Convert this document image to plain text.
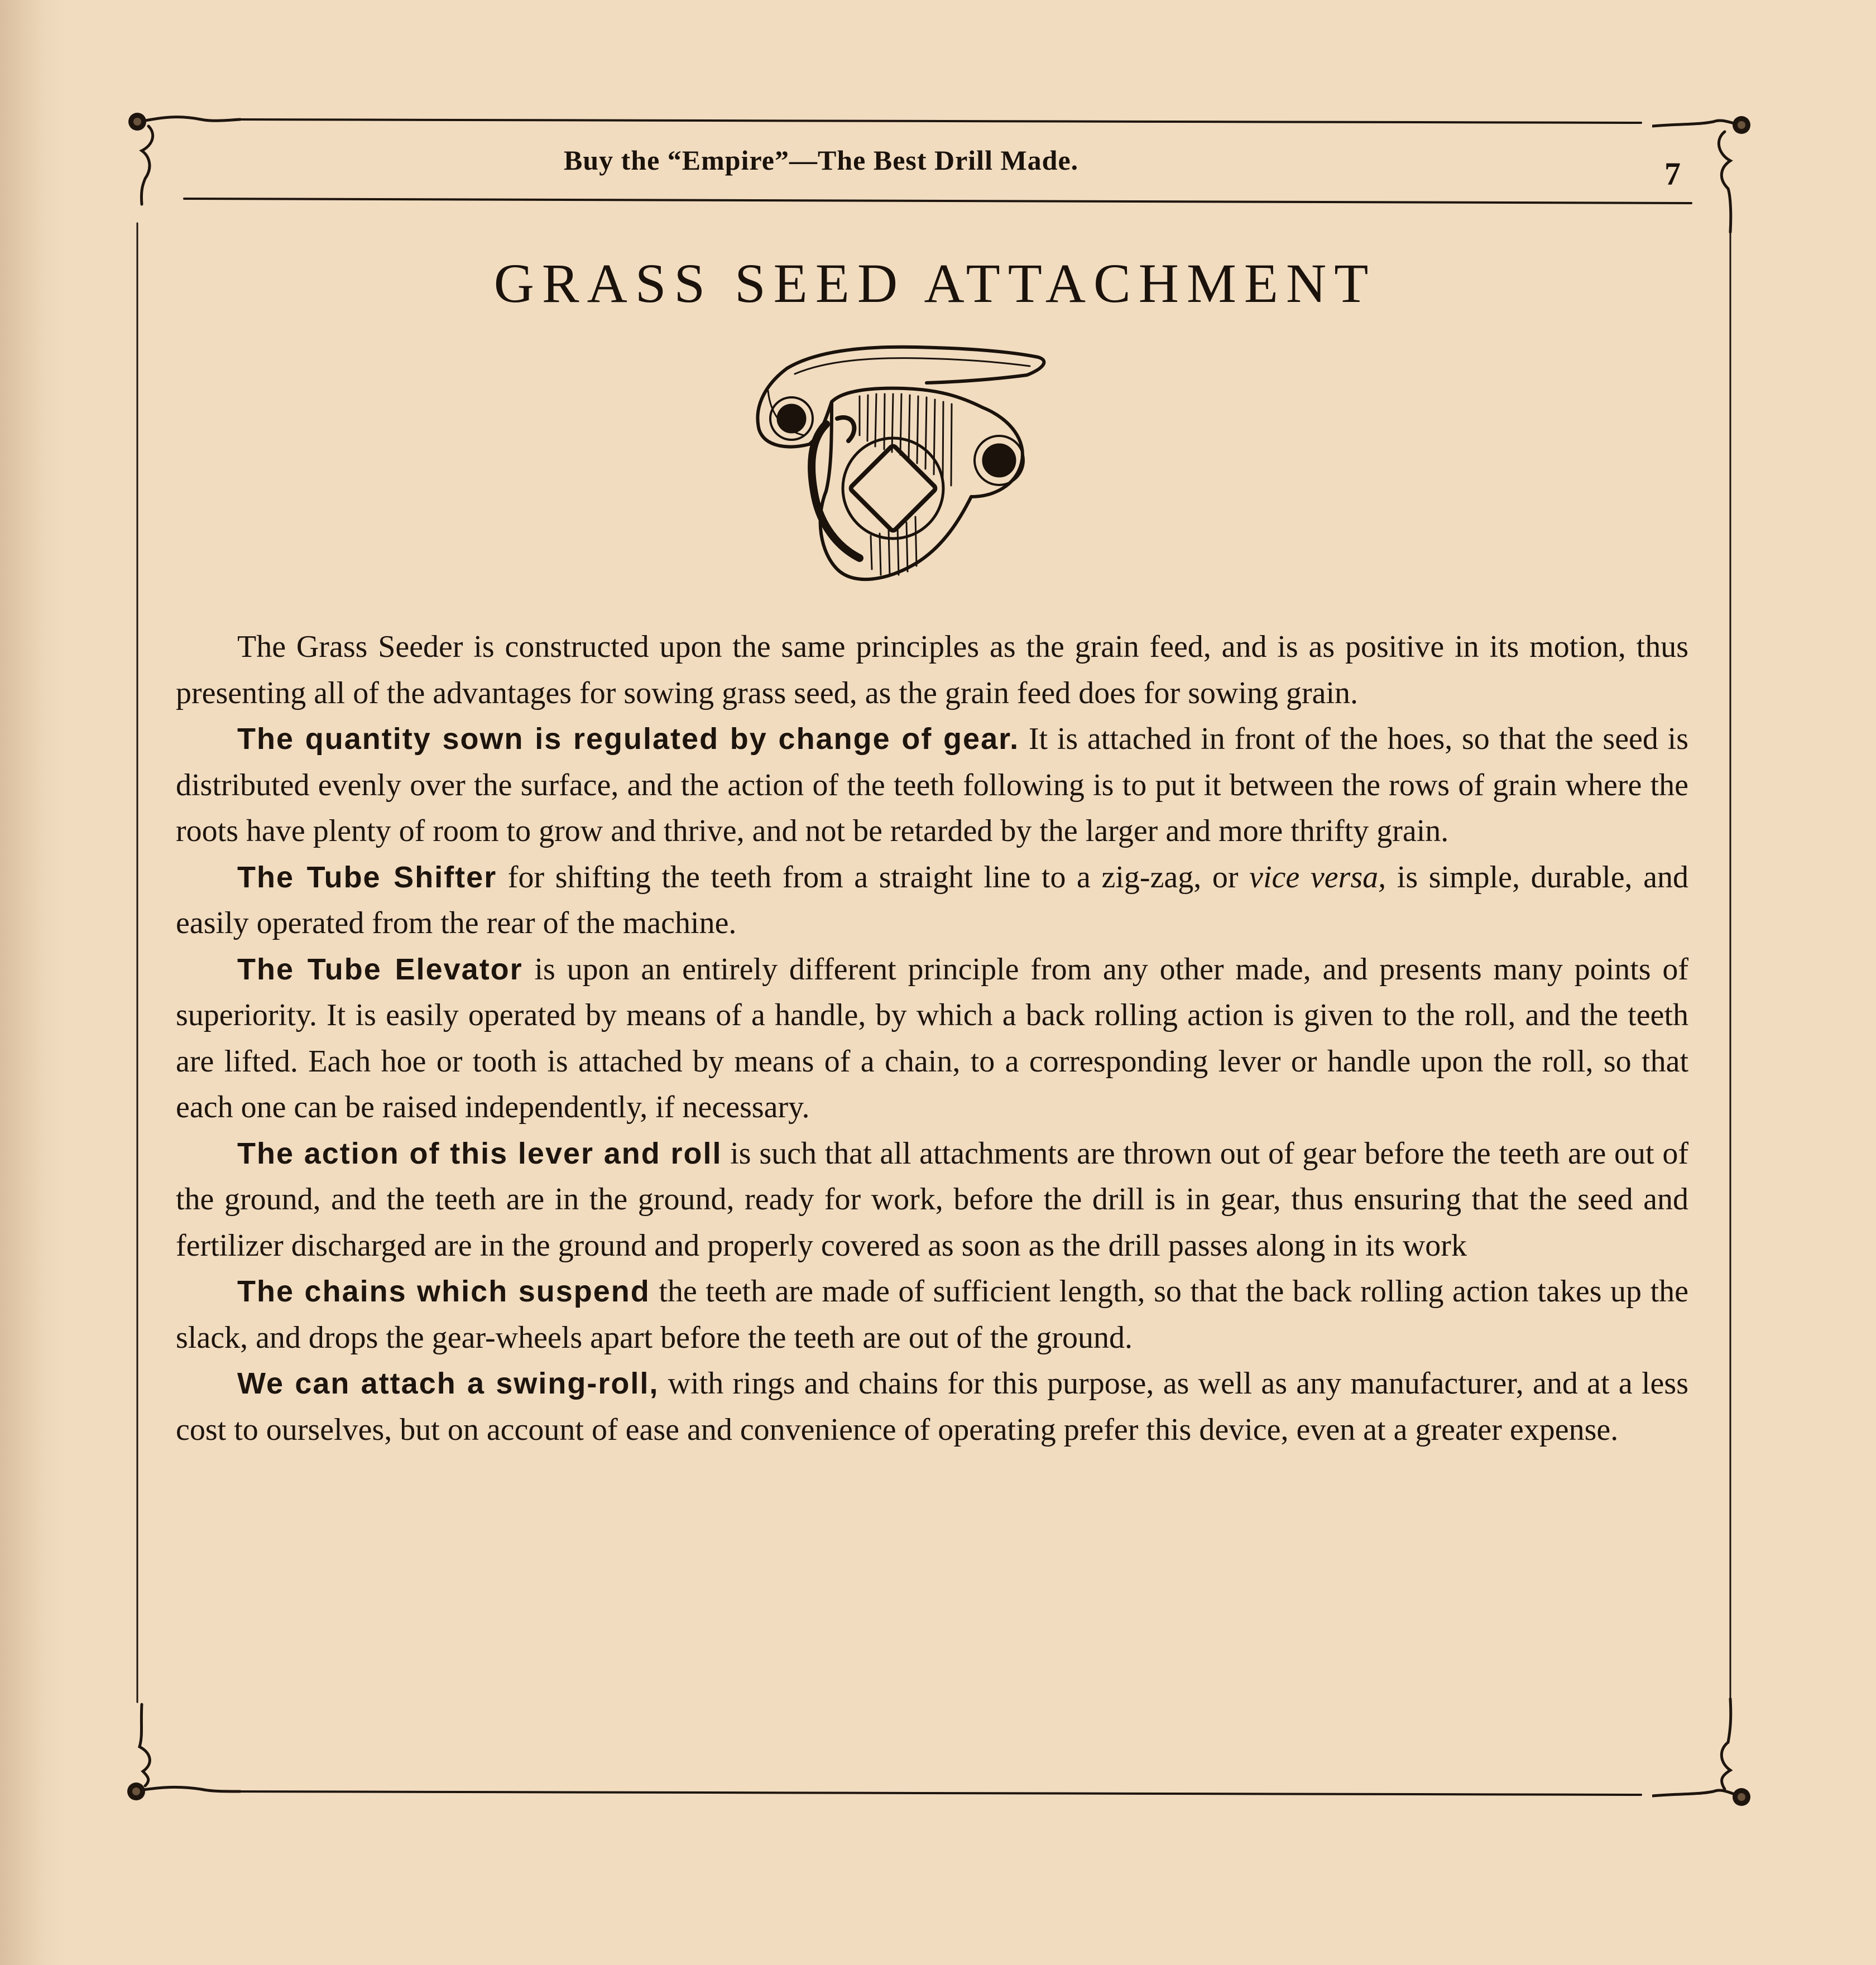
Buy the “Empire”—The Best Drill Made.	7
GRASS SEED ATTACHMENT

The Grass Seeder is constructed upon the same principles as the grain feed, and is as positive in its motion, thus presenting all of the advantages for sowing grass seed, as the grain feed does for sowing grain.

The quantity sown is regulated by change of gear. It is attached in front of the hoes, so that the seed is distributed evenly over the surface, and the action of the teeth following is to put it between the rows of grain where the roots have plenty of room to grow and thrive, and not be retarded by the larger and more thrifty grain.

The Tube Shifter for shifting the teeth from a straight line to a zig-zag, or vice versa, is simple, durable, and easily operated from the rear of the machine.

The Tube Elevator is upon an entirely different principle from any other made, and presents many points of superiority. It is easily operated by means of a handle, by which a back rolling action is given to the roll, and the teeth are lifted. Each hoe or tooth is attached by means of a chain, to a corresponding lever or handle upon the roll, so that each one can be raised independently, if necessary.

The action of this lever and roll is such that all attachments are thrown out of gear before the teeth are out of the ground, and the teeth are in the ground, ready for work, before the drill is in gear, thus ensuring that the seed and fertilizer discharged are in the ground and properly covered as soon as the drill passes along in its work

The chains which suspend the teeth are made of sufficient length, so that the back rolling action takes up the slack, and drops the gear-wheels apart before the teeth are out of the ground.

We can attach a swing-roll, with rings and chains for this purpose, as well as any manufacturer, and at a less cost to ourselves, but on account of ease and convenience of operating prefer this device, even at a greater expense.
